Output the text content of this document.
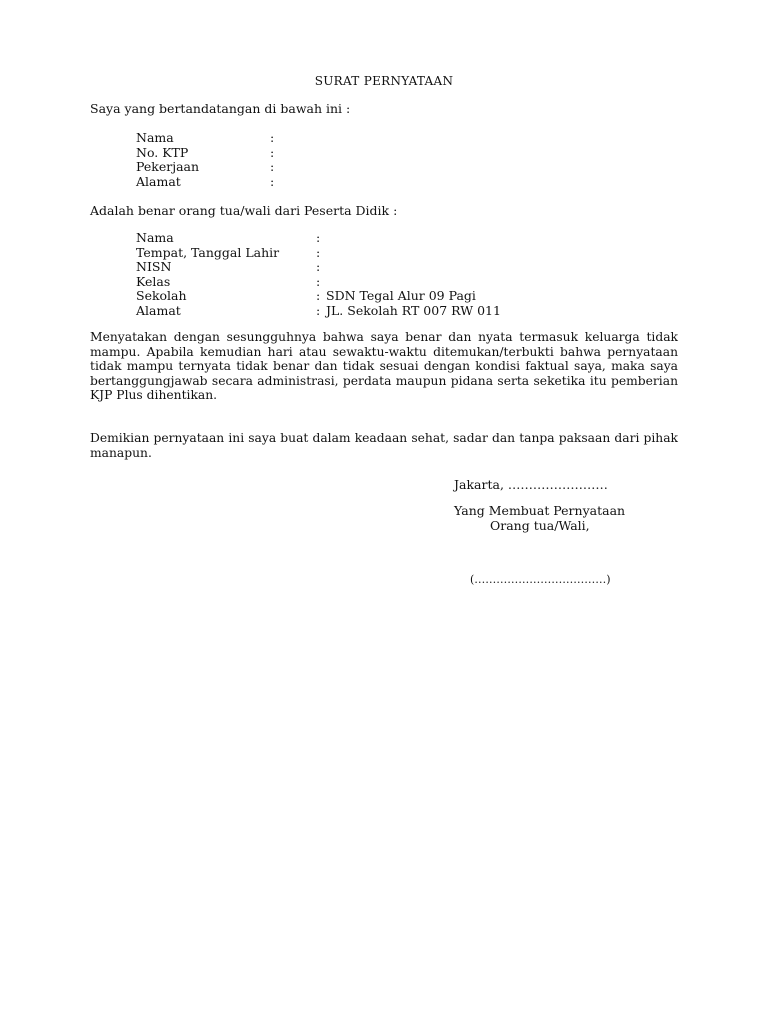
SURAT PERNYATAAN
Saya yang bertandatangan di bawah ini :
Nama	:
No. KTP	:
Pekerjaan	:
Alamat	:
Adalah benar orang tua/wali dari Peserta Didik :
Nama	:
Tempat, Tanggal Lahir	:
NISN	:
Kelas	:
Sekolah	: SDN Tegal Alur 09 Pagi
Alamat	: JL. Sekolah RT 007 RW 011
Menyatakan dengan sesungguhnya bahwa saya benar dan nyata termasuk keluarga tidak mampu. Apabila kemudian hari atau sewaktu-waktu ditemukan/terbukti bahwa pernyataan tidak mampu ternyata tidak benar dan tidak sesuai dengan kondisi faktual saya, maka saya bertanggungjawab secara administrasi, perdata maupun pidana serta seketika itu pemberian KJP Plus dihentikan.
Demikian pernyataan ini saya buat dalam keadaan sehat, sadar dan tanpa paksaan dari pihak manapun.
Jakarta, ……………………
Yang Membuat Pernyataan
Orang tua/Wali,
(………………………………)
